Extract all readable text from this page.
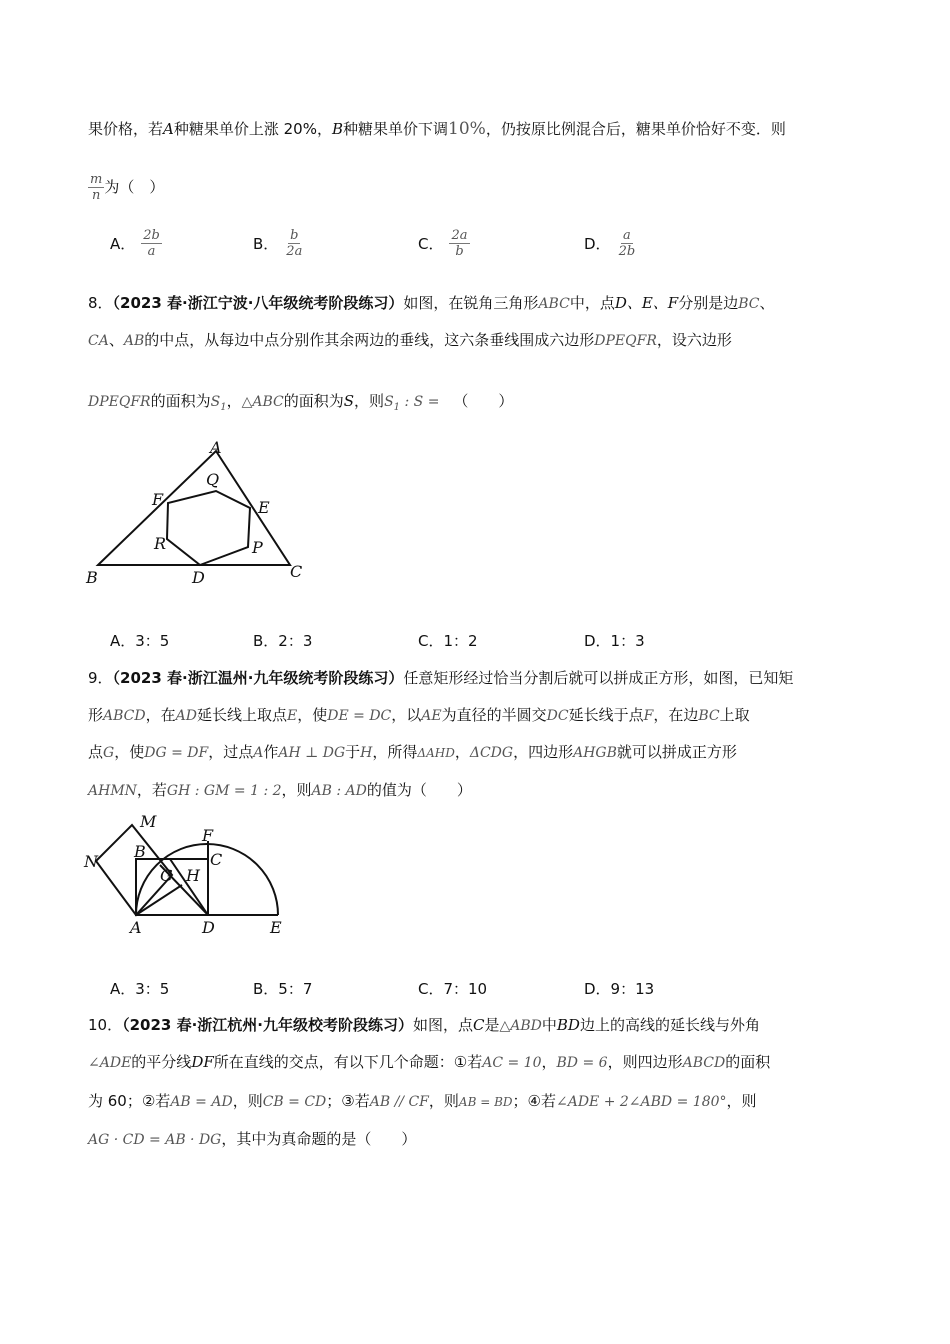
果价格，若A种糖果单价上涨 20%，B种糖果单价下调10%，仍按原比例混合后，糖果单价恰好不变．则
$\frac{m}{n}$ 为（　）
A． $\frac{2b}{a}$	B． $\frac{b}{2a}$	C． $\frac{2a}{b}$	D． $\frac{a}{2b}$
8．（2023 春·浙江宁波·八年级统考阶段练习）如图，在锐角三角形ABC中，点D、E、F分别是边BC、
CA、AB的中点，从每边中点分别作其余两边的垂线，这六条垂线围成六边形DPEQFR，设六边形
DPEQFR的面积为$S_1$，△ABC的面积为S，则$S_1$ : S = （　　）
A
B	C
D
E
F
P
Q
R
A．3：5	B．2：3	C．1：2	D．1：3
9．（2023 春·浙江温州·九年级统考阶段练习）任意矩形经过恰当分割后就可以拼成正方形，如图，已知矩
形ABCD，在AD延长线上取点E，使DE = DC，以AE为直径的半圆交DC延长线于点F，在边BC上取
点G，使DG = DF，过点A作AH ⊥ DG于H，所得ΔAHD，ΔCDG，四边形AHGB就可以拼成正方形
AHMN，若GH : GM = 1 : 2，则AB : AD的值为（　　）
M
N
B
F
C
G H
A	D	E
A．3：5	B．5：7	C．7：10	D．9：13
10．（2023 春·浙江杭州·九年级校考阶段练习）如图，点C是△ABD中BD边上的高线的延长线与外角
∠ADE的平分线DF所在直线的交点，有以下几个命题：①若AC = 10，BD = 6，则四边形ABCD的面积
为 60；②若AB = AD，则CB = CD；③若AB // CF，则AB = BD；④若∠ADE + 2∠ABD = 180°，则
AG · CD = AB · DG，其中为真命题的是（　　）
